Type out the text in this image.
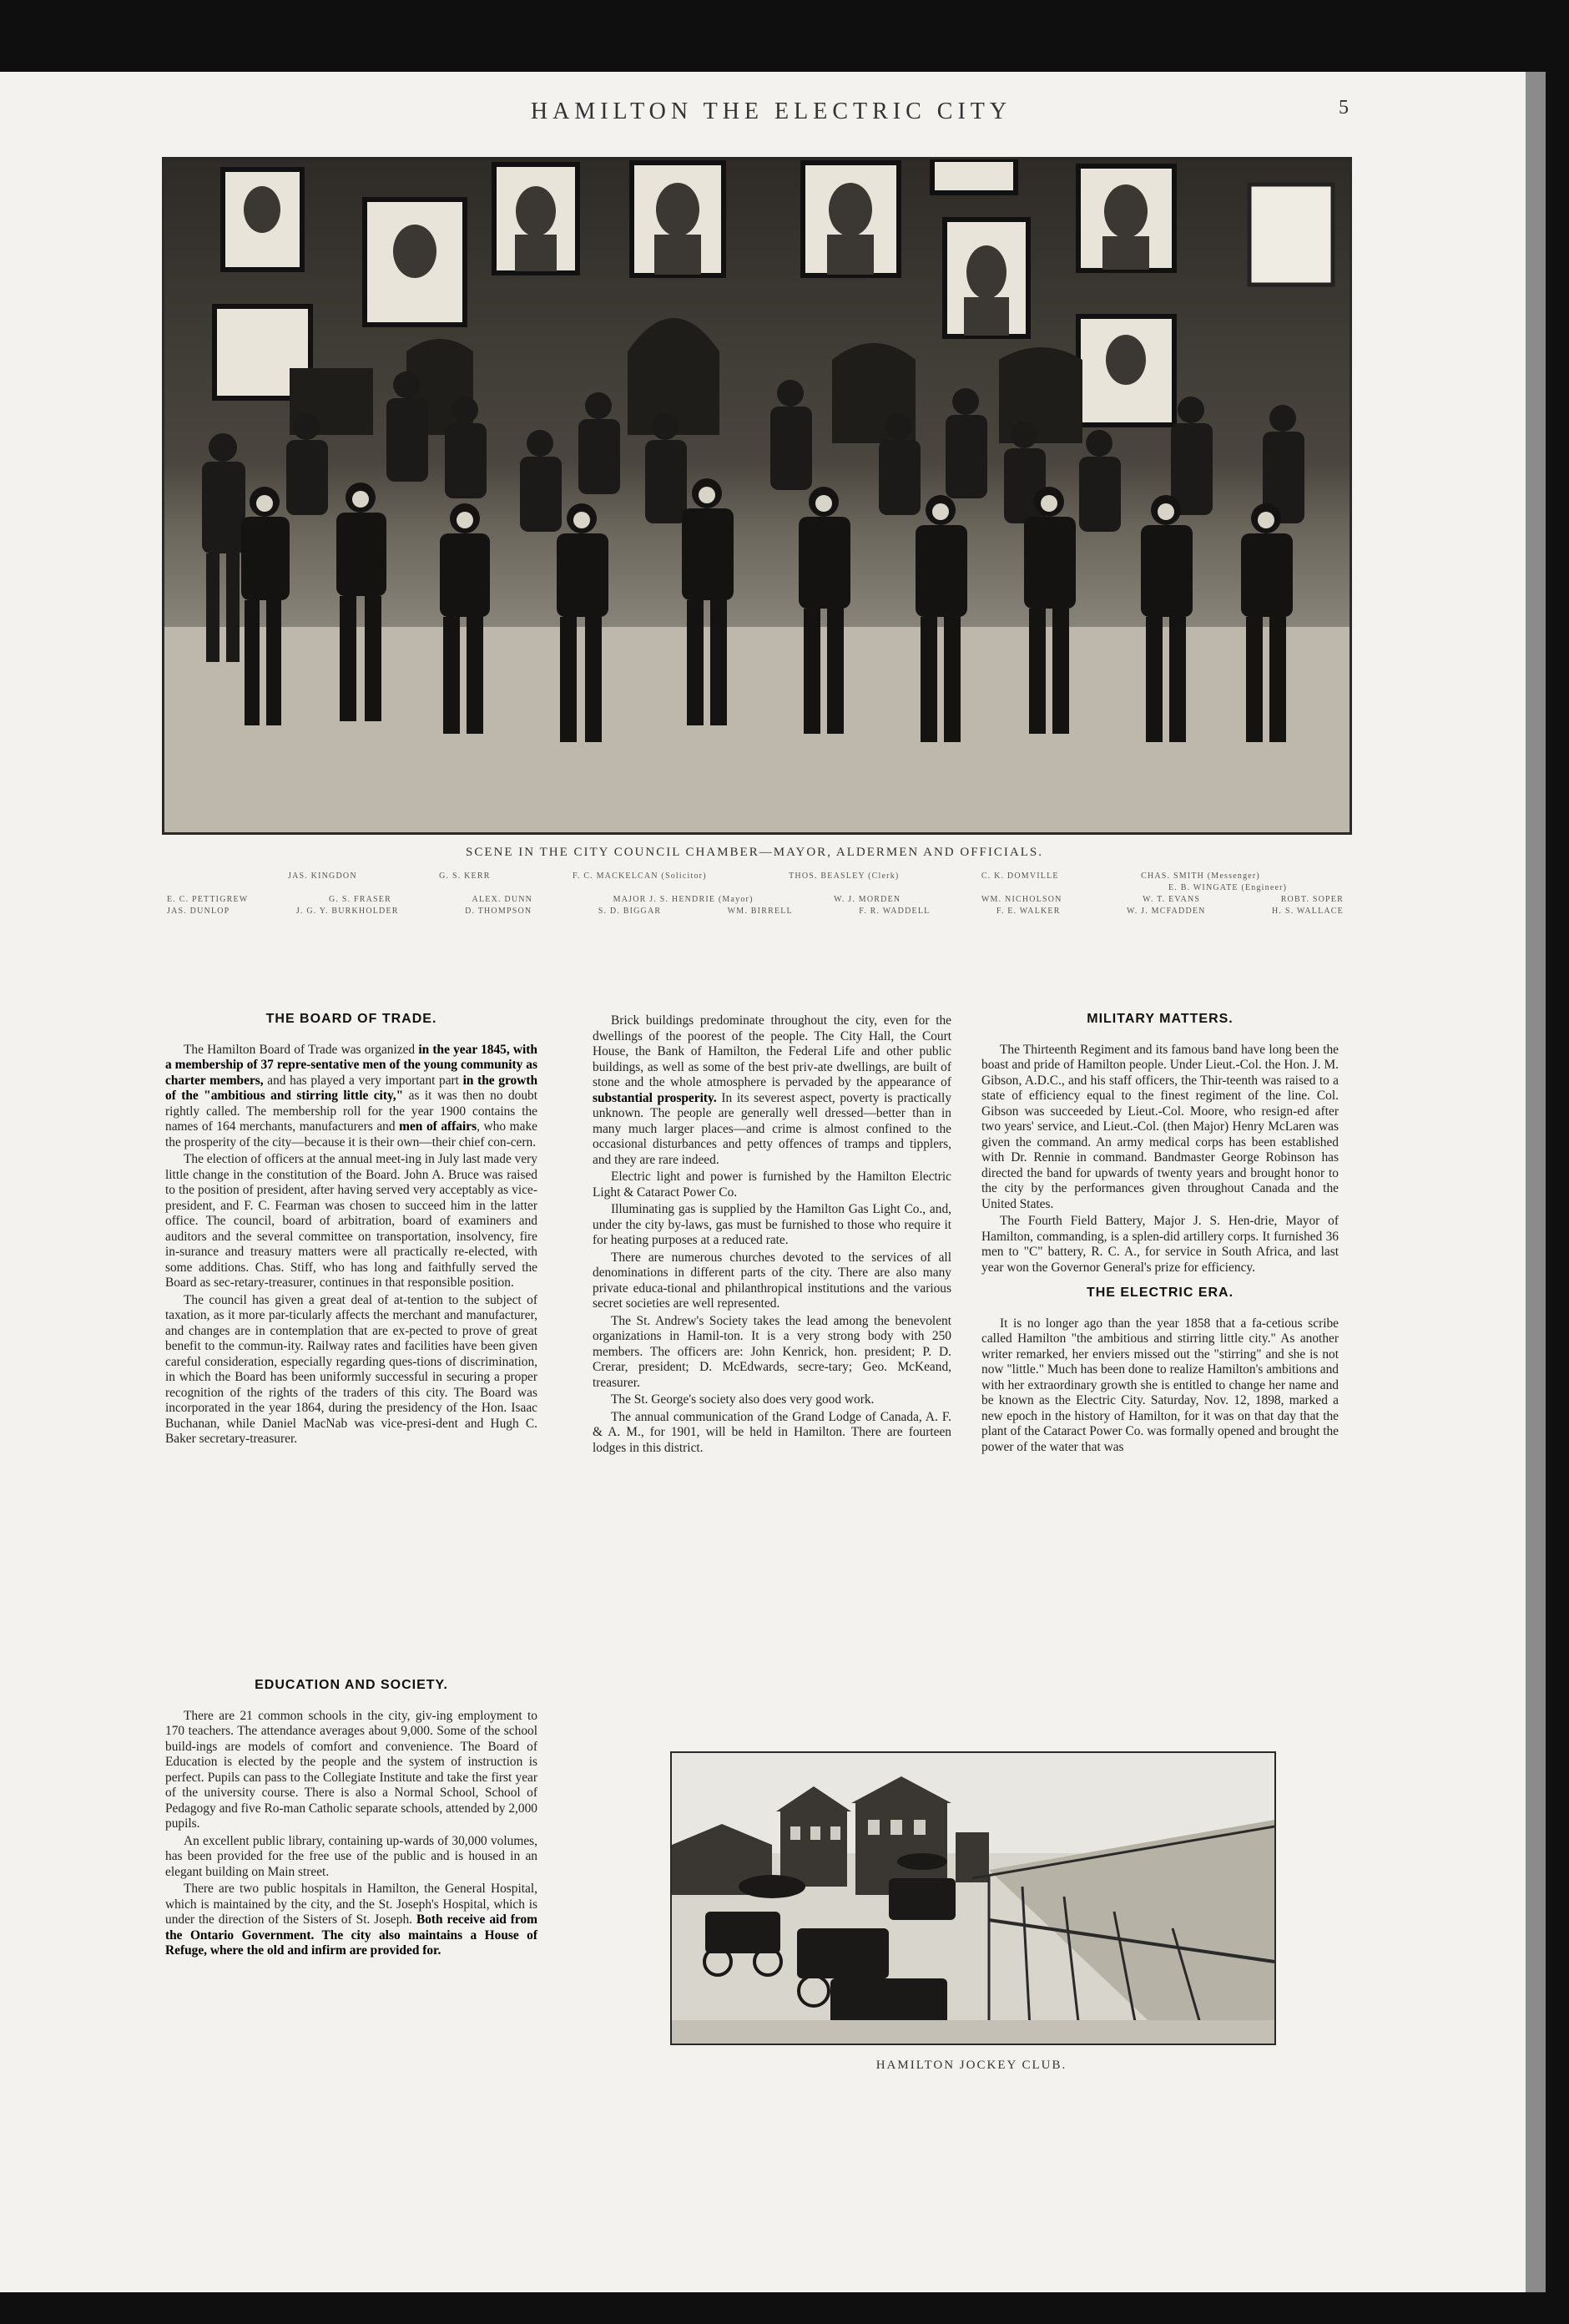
HAMILTON THE ELECTRIC CITY	5
SCENE IN THE CITY COUNCIL CHAMBER—MAYOR, ALDERMEN AND OFFICIALS.
JAS. KINGDON	G. S. KERR	F. C. MACKELCAN (Solicitor)	THOS. BEASLEY (Clerk)	C. K. DOMVILLE	CHAS. SMITH (Messenger)
E. B. WINGATE (Engineer)
E. C. PETTIGREW	G. S. FRASER	ALEX. DUNN	MAJOR J. S. HENDRIE (Mayor)	W. J. MORDEN	WM. NICHOLSON	W. T. EVANS	ROBT. SOPER
JAS. DUNLOP	J. G. Y. BURKHOLDER	D. THOMPSON	S. D. BIGGAR	WM. BIRRELL	F. R. WADDELL	F. E. WALKER	W. J. MCFADDEN	H. S. WALLACE
THE BOARD OF TRADE.

The Hamilton Board of Trade was organized in the year 1845, with a membership of 37 repre-sentative men of the young community as charter members, and has played a very important part in the growth of the "ambitious and stirring little city," as it was then no doubt rightly called. The membership roll for the year 1900 contains the names of 164 merchants, manufacturers and men of affairs, who make the prosperity of the city—because it is their own—their chief con-cern.

The election of officers at the annual meet-ing in July last made very little change in the constitution of the Board. John A. Bruce was raised to the position of president, after having served very acceptably as vice-president, and F. C. Fearman was chosen to succeed him in the latter office. The council, board of arbitration, board of examiners and auditors and the several committee on transportation, insolvency, fire in-surance and treasury matters were all practically re-elected, with some additions. Chas. Stiff, who has long and faithfully served the Board as sec-retary-treasurer, continues in that responsible position.

The council has given a great deal of at-tention to the subject of taxation, as it more par-ticularly affects the merchant and manufacturer, and changes are in contemplation that are ex-pected to prove of great benefit to the commun-ity. Railway rates and facilities have been given careful consideration, especially regarding ques-tions of discrimination, in which the Board has been uniformly successful in securing a proper recognition of the rights of the traders of this city. The Board was incorporated in the year 1864, during the presidency of the Hon. Isaac Buchanan, while Daniel MacNab was vice-presi-dent and Hugh C. Baker secretary-treasurer.

EDUCATION AND SOCIETY.

There are 21 common schools in the city, giv-ing employment to 170 teachers. The attendance averages about 9,000. Some of the school build-ings are models of comfort and convenience. The Board of Education is elected by the people and the system of instruction is perfect. Pupils can pass to the Collegiate Institute and take the first year of the university course. There is also a Normal School, School of Pedagogy and five Ro-man Catholic separate schools, attended by 2,000 pupils.

An excellent public library, containing up-wards of 30,000 volumes, has been provided for the free use of the public and is housed in an elegant building on Main street.

There are two public hospitals in Hamilton, the General Hospital, which is maintained by the city, and the St. Joseph's Hospital, which is under the direction of the Sisters of St. Joseph. Both receive aid from the Ontario Government. The city also maintains a House of Refuge, where the old and infirm are provided for.

Brick buildings predominate throughout the city, even for the dwellings of the poorest of the people. The City Hall, the Court House, the Bank of Hamilton, the Federal Life and other public buildings, as well as some of the best priv-ate dwellings, are built of stone and the whole atmosphere is pervaded by the appearance of substantial prosperity. In its severest aspect, poverty is practically unknown. The people are generally well dressed—better than in many much larger places—and crime is almost confined to the occasional disturbances and petty offences of tramps and tipplers, and they are rare indeed.

Electric light and power is furnished by the Hamilton Electric Light & Cataract Power Co.

Illuminating gas is supplied by the Hamilton Gas Light Co., and, under the city by-laws, gas must be furnished to those who require it for heating purposes at a reduced rate.

There are numerous churches devoted to the services of all denominations in different parts of the city. There are also many private educa-tional and philanthropical institutions and the various secret societies are well represented.

The St. Andrew's Society takes the lead among the benevolent organizations in Hamil-ton. It is a very strong body with 250 members. The officers are: John Kenrick, hon. president; P. D. Crerar, president; D. McEdwards, secre-tary; Geo. McKeand, treasurer.

The St. George's society also does very good work.

The annual communication of the Grand Lodge of Canada, A. F. & A. M., for 1901, will be held in Hamilton. There are fourteen lodges in this district.

MILITARY MATTERS.

The Thirteenth Regiment and its famous band have long been the boast and pride of Hamilton people. Under Lieut.-Col. the Hon. J. M. Gibson, A.D.C., and his staff officers, the Thir-teenth was raised to a state of efficiency equal to the finest regiment of the line. Col. Gibson was succeeded by Lieut.-Col. Moore, who resign-ed after two years' service, and Lieut.-Col. (then Major) Henry McLaren was given the command. An army medical corps has been established with Dr. Rennie in command. Bandmaster George Robinson has directed the band for upwards of twenty years and brought honor to the city by the performances given throughout Canada and the United States.

The Fourth Field Battery, Major J. S. Hen-drie, Mayor of Hamilton, commanding, is a splen-did artillery corps. It furnished 36 men to "C" battery, R. C. A., for service in South Africa, and last year won the Governor General's prize for efficiency.

THE ELECTRIC ERA.

It is no longer ago than the year 1858 that a fa-cetious scribe called Hamilton "the ambitious and stirring little city." As another writer remarked, her enviers missed out the "stirring" and she is not now "little." Much has been done to realize Hamilton's ambitions and with her extraordinary growth she is entitled to change her name and be known as the Electric City. Saturday, Nov. 12, 1898, marked a new epoch in the history of Hamilton, for it was on that day that the plant of the Cataract Power Co. was formally opened and brought the power of the water that was

HAMILTON JOCKEY CLUB.
